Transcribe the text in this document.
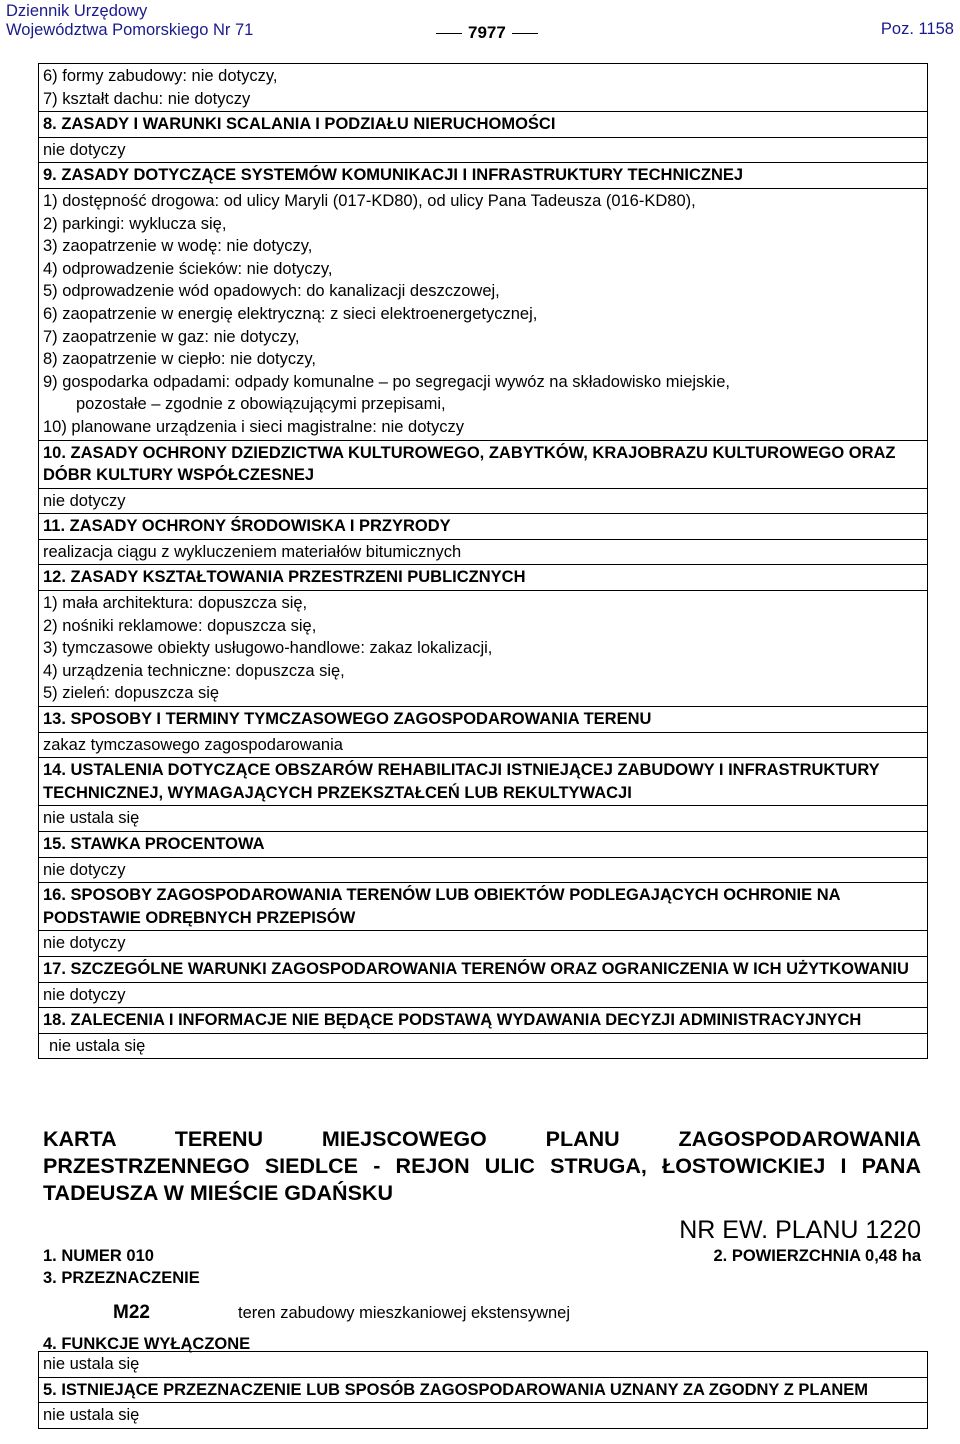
Dziennik Urzędowy
Województwa Pomorskiego Nr 71	7977	Poz. 1158
6) formy zabudowy: nie dotyczy,
7) kształt dachu: nie dotyczy
8. ZASADY I WARUNKI SCALANIA I PODZIAŁU NIERUCHOMOŚCI
nie dotyczy
9. ZASADY DOTYCZĄCE SYSTEMÓW KOMUNIKACJI I INFRASTRUKTURY TECHNICZNEJ
1) dostępność drogowa: od ulicy Maryli (017-KD80), od ulicy Pana Tadeusza (016-KD80),
2) parkingi: wyklucza się,
3) zaopatrzenie w wodę: nie dotyczy,
4) odprowadzenie ścieków: nie dotyczy,
5) odprowadzenie wód opadowych: do kanalizacji deszczowej,
6) zaopatrzenie w energię elektryczną: z sieci elektroenergetycznej,
7) zaopatrzenie w gaz: nie dotyczy,
8) zaopatrzenie w ciepło: nie dotyczy,
9) gospodarka odpadami: odpady komunalne – po segregacji wywóz na składowisko miejskie,
pozostałe – zgodnie z obowiązującymi przepisami,
10) planowane urządzenia i sieci magistralne: nie dotyczy
10. ZASADY OCHRONY DZIEDZICTWA KULTUROWEGO, ZABYTKÓW, KRAJOBRAZU KULTUROWEGO ORAZ DÓBR KULTURY WSPÓŁCZESNEJ
nie dotyczy
11. ZASADY OCHRONY ŚRODOWISKA I PRZYRODY
realizacja ciągu z wykluczeniem materiałów bitumicznych
12. ZASADY KSZTAŁTOWANIA PRZESTRZENI PUBLICZNYCH
1) mała architektura: dopuszcza się,
2) nośniki reklamowe: dopuszcza się,
3) tymczasowe obiekty usługowo-handlowe: zakaz lokalizacji,
4) urządzenia techniczne: dopuszcza się,
5) zieleń: dopuszcza się
13. SPOSOBY I TERMINY TYMCZASOWEGO ZAGOSPODAROWANIA TERENU
zakaz tymczasowego zagospodarowania
14. USTALENIA DOTYCZĄCE OBSZARÓW REHABILITACJI ISTNIEJĄCEJ ZABUDOWY I INFRASTRUKTURY TECHNICZNEJ, WYMAGAJĄCYCH PRZEKSZTAŁCEŃ LUB REKULTYWACJI
nie ustala się
15. STAWKA PROCENTOWA
nie dotyczy
16. SPOSOBY ZAGOSPODAROWANIA TERENÓW LUB OBIEKTÓW PODLEGAJĄCYCH OCHRONIE NA PODSTAWIE ODRĘBNYCH PRZEPISÓW
nie dotyczy
17. SZCZEGÓLNE WARUNKI ZAGOSPODAROWANIA TERENÓW ORAZ OGRANICZENIA W ICH UŻYTKOWANIU
nie dotyczy
18. ZALECENIA I INFORMACJE NIE BĘDĄCE PODSTAWĄ WYDAWANIA DECYZJI ADMINISTRACYJNYCH
nie ustala się
KARTA TERENU MIEJSCOWEGO PLANU ZAGOSPODAROWANIA PRZESTRZENNEGO SIEDLCE - REJON ULIC STRUGA, ŁOSTOWICKIEJ I PANA TADEUSZA W MIEŚCIE GDAŃSKU
NR EW. PLANU 1220
1. NUMER 010	2. POWIERZCHNIA 0,48 ha
3. PRZEZNACZENIE
M22	teren zabudowy mieszkaniowej ekstensywnej
4. FUNKCJE WYŁĄCZONE
nie ustala się
5. ISTNIEJĄCE PRZEZNACZENIE LUB SPOSÓB ZAGOSPODAROWANIA UZNANY ZA ZGODNY Z PLANEM
nie ustala się
